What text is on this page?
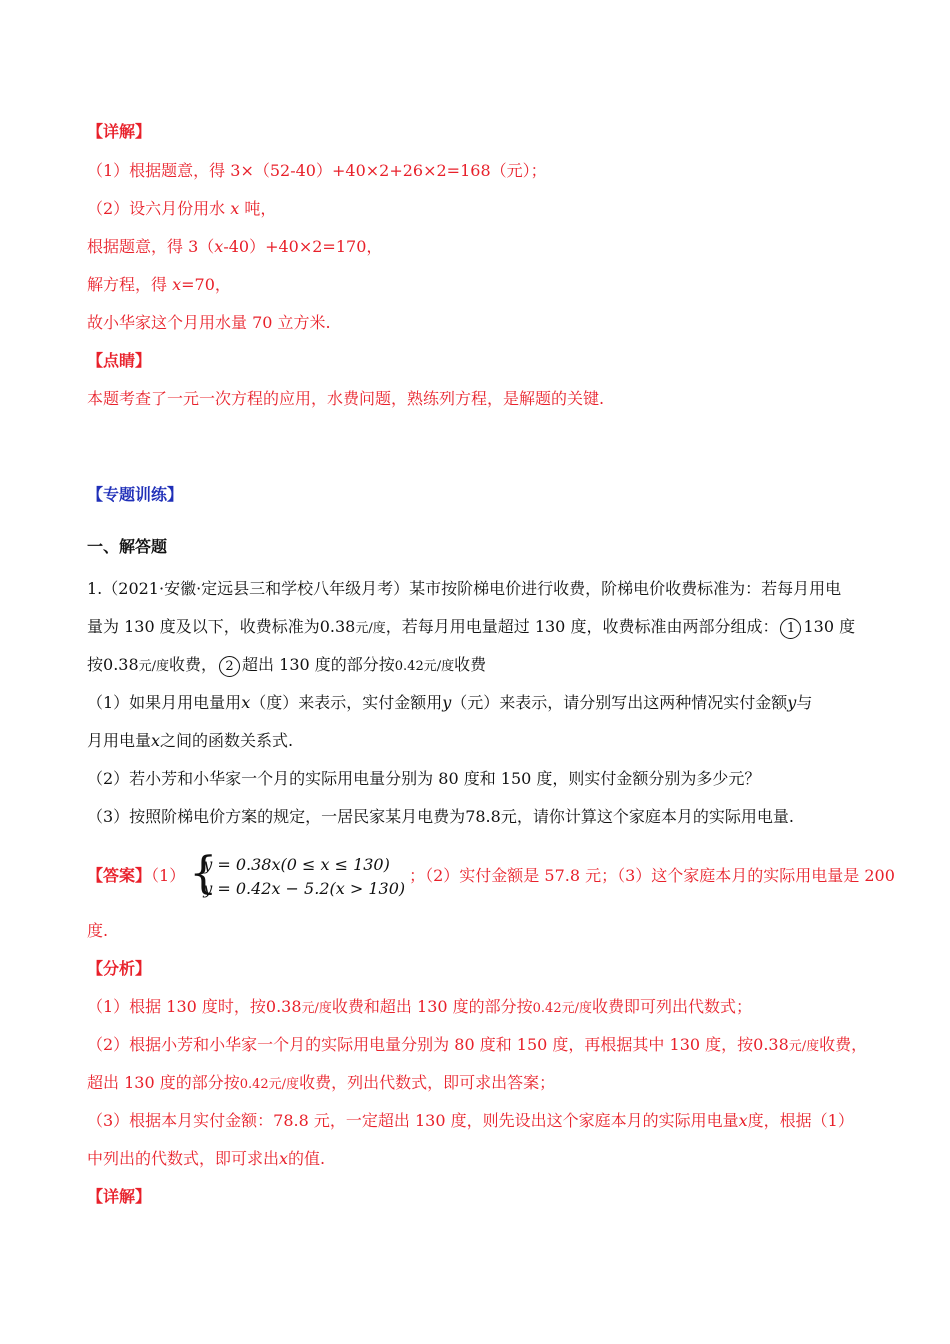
【详解】
（1）根据题意，得 3×（52-40）+40×2+26×2=168（元）；
（2）设六月份用水 x 吨，
根据题意，得 3（x-40）+40×2=170，
解方程，得 x=70，
故小华家这个月用水量 70 立方米.
【点睛】
本题考查了一元一次方程的应用，水费问题，熟练列方程，是解题的关键.
【专题训练】
一、解答题
1.（2021·安徽·定远县三和学校八年级月考）某市按阶梯电价进行收费，阶梯电价收费标准为：若每月用电
量为 130 度及以下，收费标准为0.38元/度，若每月用电量超过 130 度，收费标准由两部分组成： 1 130 度
按0.38元/度收费， 2 超出 130 度的部分按0.42元/度收费
（1）如果月用电量用x（度）来表示，实付金额用y（元）来表示，请分别写出这两种情况实付金额y与
月用电量x之间的函数关系式.
（2）若小芳和小华家一个月的实际用电量分别为 80 度和 150 度，则实付金额分别为多少元？
（3）按照阶梯电价方案的规定，一居民家某月电费为78.8元，请你计算这个家庭本月的实际用电量.
【答案】（1） {
y = 0.38x(0 ≤ x ≤ 130)
y = 0.42x − 5.2(x > 130)
；（2）实付金额是 57.8 元；（3）这个家庭本月的实际用电量是 200
度.
【分析】
（1）根据 130 度时，按0.38元/度收费和超出 130 度的部分按0.42元/度收费即可列出代数式；
（2）根据小芳和小华家一个月的实际用电量分别为 80 度和 150 度，再根据其中 130 度，按0.38元/度收费，
超出 130 度的部分按0.42元/度收费，列出代数式，即可求出答案；
（3）根据本月实付金额：78.8 元，一定超出 130 度，则先设出这个家庭本月的实际用电量x度，根据（1）
中列出的代数式，即可求出x的值.
【详解】
